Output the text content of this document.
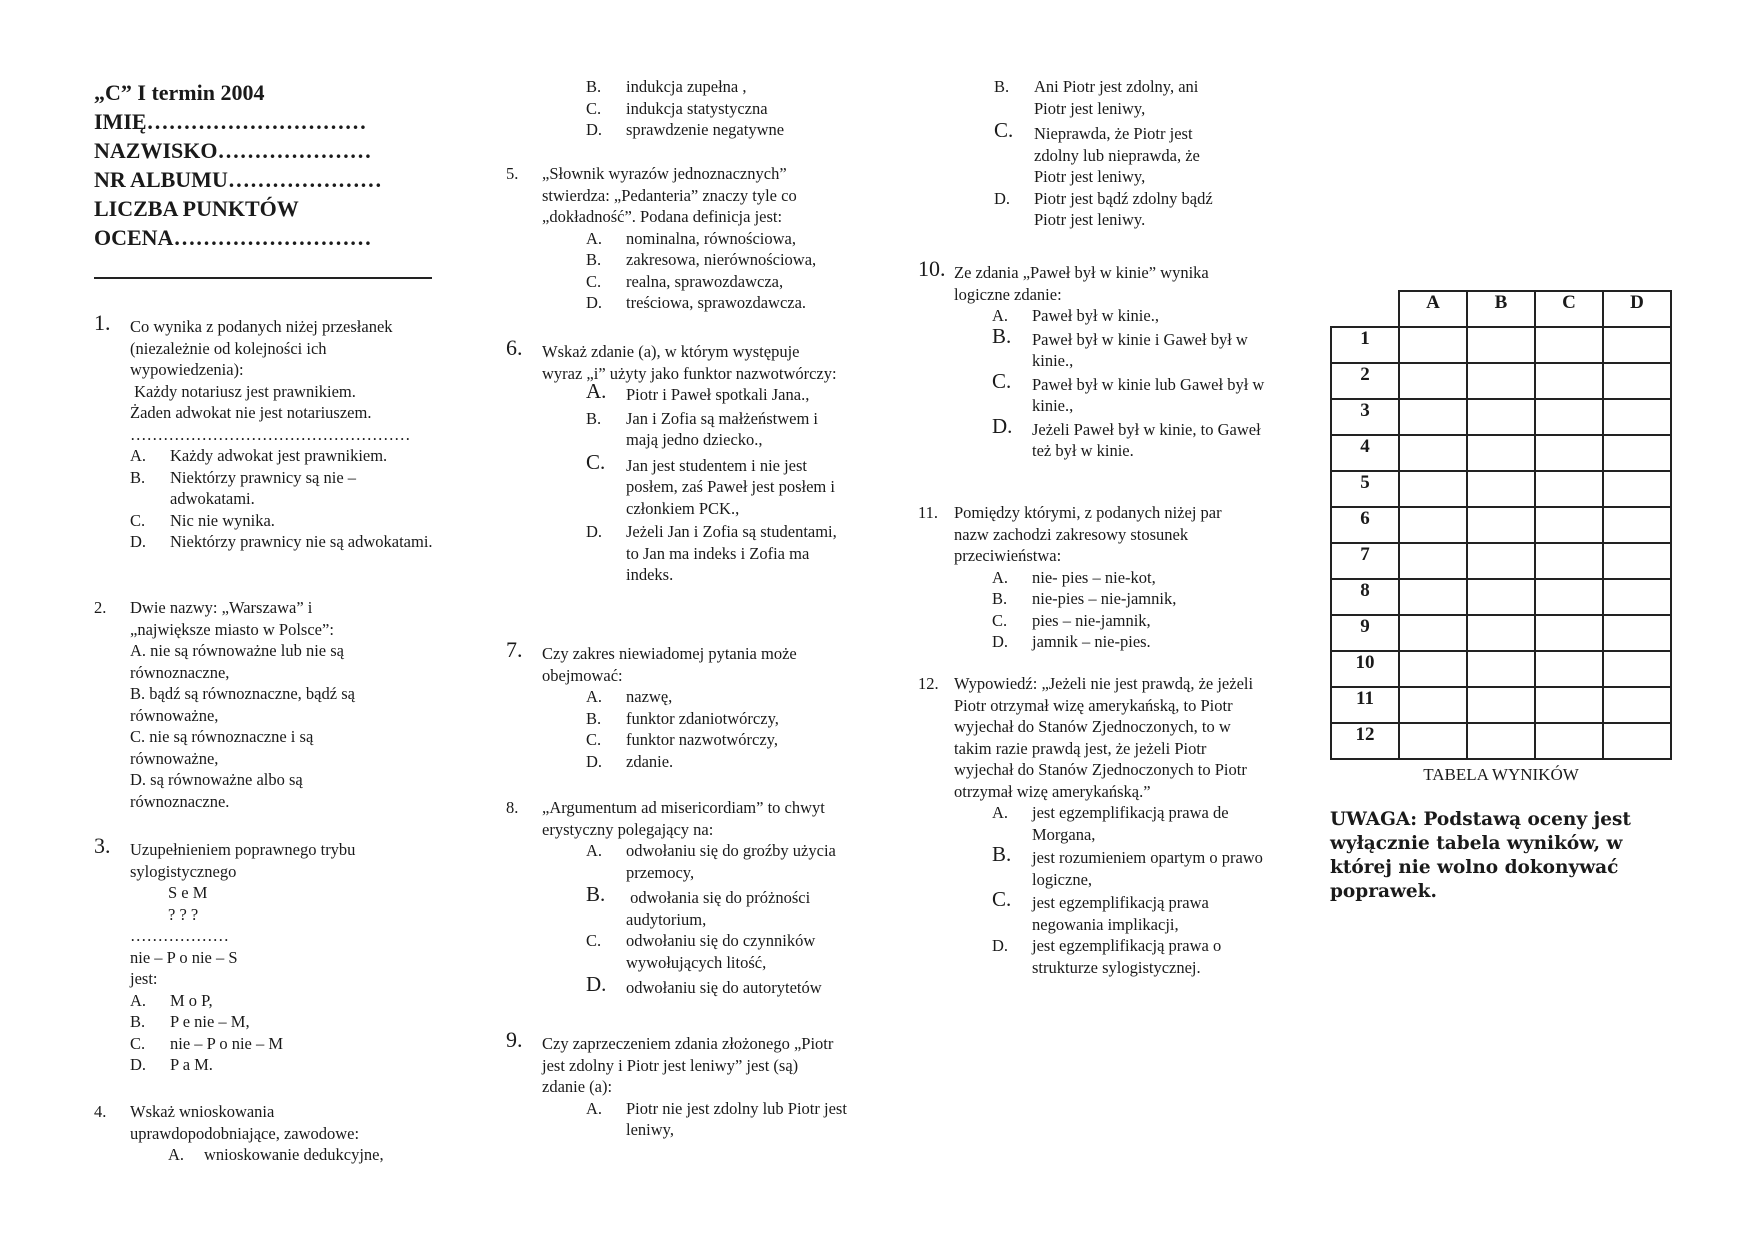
„C” I termin 2004
IMIĘ…………………………
NAZWISKO…………………
NR ALBUMU…………………
LICZBA PUNKTÓW
OCENA………………………
1. Co wynika z podanych niżej przesłanek (niezależnie od kolejności ich wypowiedzenia):
Każdy notariusz jest prawnikiem.
Żaden adwokat nie jest notariuszem.
……………………………………………
A. Każdy adwokat jest prawnikiem.
B. Niektórzy prawnicy są nie – adwokatami.
C. Nic nie wynika.
D. Niektórzy prawnicy nie są adwokatami.
2. Dwie nazwy: „Warszawa” i „największe miasto w Polsce”:
A. nie są równoważne lub nie są równoznaczne,
B. bądź są równoznaczne, bądź są równoważne,
C. nie są równoznaczne i są równoważne,
D. są równoważne albo są równoznaczne.
3. Uzupełnieniem poprawnego trybu sylogistycznego
S e M
? ? ?
………………
nie – P o nie – S
jest:
A. M o P,
B. P e nie – M,
C. nie – P o nie – M
D. P a M.
4. Wskaż wnioskowania uprawdopodobniające, zawodowe:
A. wnioskowanie dedukcyjne,
B. indukcja zupełna ,
C. indukcja statystyczna
D. sprawdzenie negatywne
5. „Słownik wyrazów jednoznacznych” stwierdza: „Pedanteria” znaczy tyle co „dokładność”. Podana definicja jest:
A. nominalna, równościowa,
B. zakresowa, nierównościowa,
C. realna, sprawozdawcza,
D. treściowa, sprawozdawcza.
6. Wskaż zdanie (a), w którym występuje wyraz „i” użyty jako funktor nazwotwórczy:
A. Piotr i Paweł spotkali Jana.,
B. Jan i Zofia są małżeństwem i mają jedno dziecko.,
C. Jan jest studentem i nie jest posłem, zaś Paweł jest posłem i członkiem PCK.,
D. Jeżeli Jan i Zofia są studentami, to Jan ma indeks i Zofia ma indeks.
7. Czy zakres niewiadomej pytania może obejmować:
A. nazwę,
B. funktor zdaniotwórczy,
C. funktor nazwotwórczy,
D. zdanie.
8. „Argumentum ad misericordiam” to chwyt erystyczny polegający na:
A. odwołaniu się do groźby użycia przemocy,
B. odwołania się do próżności audytorium,
C. odwołaniu się do czynników wywołujących litość,
D. odwołaniu się do autorytetów
9. Czy zaprzeczeniem zdania złożonego „Piotr jest zdolny i Piotr jest leniwy” jest (są) zdanie (a):
A. Piotr nie jest zdolny lub Piotr jest leniwy,
B. Ani Piotr jest zdolny, ani Piotr jest leniwy,
C. Nieprawda, że Piotr jest zdolny lub nieprawda, że Piotr jest leniwy,
D. Piotr jest bądź zdolny bądź Piotr jest leniwy.
10. Ze zdania „Paweł był w kinie” wynika logiczne zdanie:
A. Paweł był w kinie.,
B. Paweł był w kinie i Gaweł był w kinie.,
C. Paweł był w kinie lub Gaweł był w kinie.,
D. Jeżeli Paweł był w kinie, to Gaweł też był w kinie.
11. Pomiędzy którymi, z podanych niżej par nazw zachodzi zakresowy stosunek przeciwieństwa:
A. nie- pies – nie-kot,
B. nie-pies – nie-jamnik,
C. pies – nie-jamnik,
D. jamnik – nie-pies.
12. Wypowiedź: „Jeżeli nie jest prawdą, że jeżeli Piotr otrzymał wizę amerykańską, to Piotr wyjechał do Stanów Zjednoczonych, to w takim razie prawdą jest, że jeżeli Piotr wyjechał do Stanów Zjednoczonych to Piotr otrzymał wizę amerykańską.”
A. jest egzemplifikacją prawa de Morgana,
B. jest rozumieniem opartym o prawo logiczne,
C. jest egzemplifikacją prawa negowania implikacji,
D. jest egzemplifikacją prawa o strukturze sylogistycznej.
	A	B	C	D
1				
2				
3				
4				
5				
6				
7				
8				
9				
10				
11				
12				
TABELA WYNIKÓW
UWAGA: Podstawą oceny jest wyłącznie tabela wyników, w której nie wolno dokonywać poprawek.
